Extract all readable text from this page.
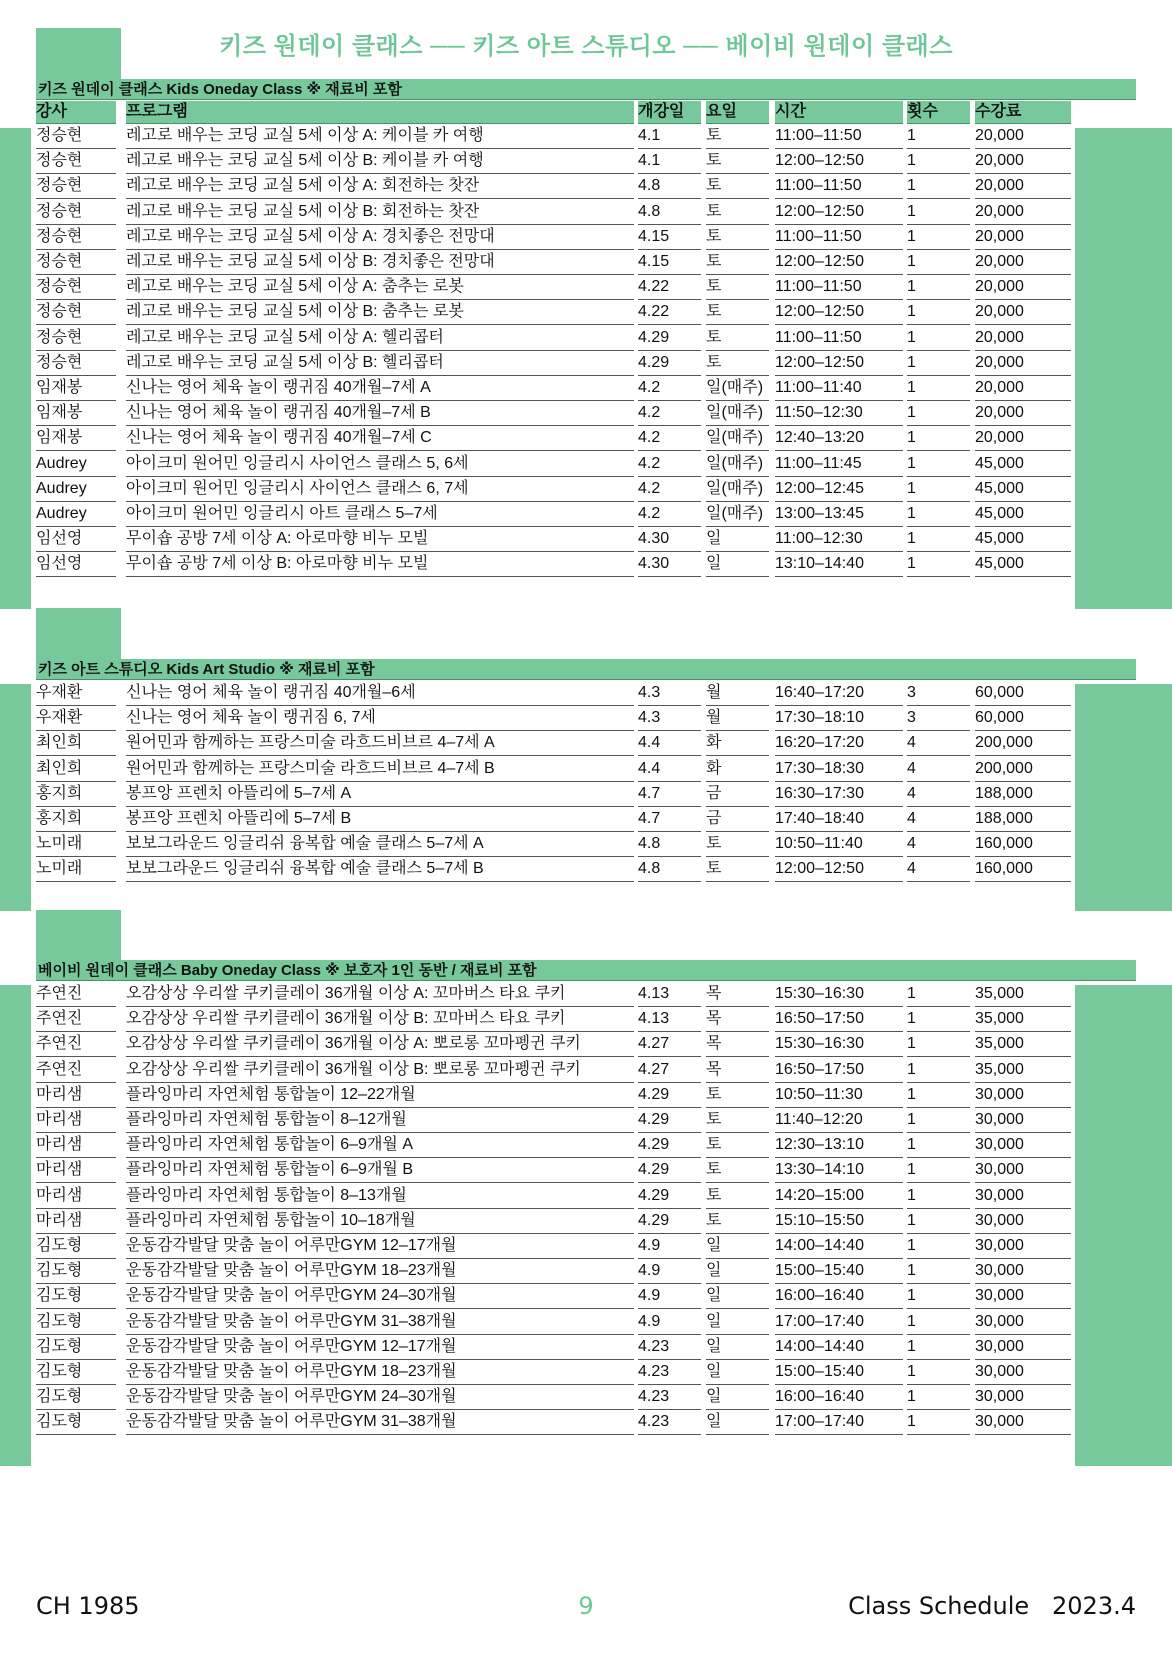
키즈 원데이 클래스 ── 키즈 아트 스튜디오 ── 베이비 원데이 클래스
키즈 원데이 클래스 Kids Oneday Class ※ 재료비 포함
강사	프로그램	개강일	요일	시간	횟수	수강료
정승현	레고로 배우는 코딩 교실 5세 이상 A: 케이블 카 여행	4.1	토	11:00–11:50	1	20,000
정승현	레고로 배우는 코딩 교실 5세 이상 B: 케이블 카 여행	4.1	토	12:00–12:50	1	20,000
정승현	레고로 배우는 코딩 교실 5세 이상 A: 회전하는 찻잔	4.8	토	11:00–11:50	1	20,000
정승현	레고로 배우는 코딩 교실 5세 이상 B: 회전하는 찻잔	4.8	토	12:00–12:50	1	20,000
정승현	레고로 배우는 코딩 교실 5세 이상 A: 경치좋은 전망대	4.15	토	11:00–11:50	1	20,000
정승현	레고로 배우는 코딩 교실 5세 이상 B: 경치좋은 전망대	4.15	토	12:00–12:50	1	20,000
정승현	레고로 배우는 코딩 교실 5세 이상 A: 춤추는 로봇	4.22	토	11:00–11:50	1	20,000
정승현	레고로 배우는 코딩 교실 5세 이상 B: 춤추는 로봇	4.22	토	12:00–12:50	1	20,000
정승현	레고로 배우는 코딩 교실 5세 이상 A: 헬리콥터	4.29	토	11:00–11:50	1	20,000
정승현	레고로 배우는 코딩 교실 5세 이상 B: 헬리콥터	4.29	토	12:00–12:50	1	20,000
임재봉	신나는 영어 체육 놀이 랭귀짐 40개월–7세 A	4.2	일(매주) 11:00–11:40	1	20,000
임재봉	신나는 영어 체육 놀이 랭귀짐 40개월–7세 B	4.2	일(매주) 11:50–12:30	1	20,000
임재봉	신나는 영어 체육 놀이 랭귀짐 40개월–7세 C	4.2	일(매주) 12:40–13:20	1	20,000
Audrey	아이크미 원어민 잉글리시 사이언스 클래스 5, 6세	4.2	일(매주) 11:00–11:45	1	45,000
Audrey	아이크미 원어민 잉글리시 사이언스 클래스 6, 7세	4.2	일(매주) 12:00–12:45	1	45,000
Audrey	아이크미 원어민 잉글리시 아트 클래스 5–7세	4.2	일(매주) 13:00–13:45	1	45,000
임선영	무이숍 공방 7세 이상 A: 아로마향 비누 모빌	4.30	일	11:00–12:30	1	45,000
임선영	무이숍 공방 7세 이상 B: 아로마향 비누 모빌	4.30	일	13:10–14:40	1	45,000
키즈 아트 스튜디오 Kids Art Studio ※ 재료비 포함
우재환	신나는 영어 체육 놀이 랭귀짐 40개월–6세	4.3	월	16:40–17:20	3	60,000
우재환	신나는 영어 체육 놀이 랭귀짐 6, 7세	4.3	월	17:30–18:10	3	60,000
최인희	원어민과 함께하는 프랑스미술 라흐드비브르 4–7세 A	4.4	화	16:20–17:20	4	200,000
최인희	원어민과 함께하는 프랑스미술 라흐드비브르 4–7세 B	4.4	화	17:30–18:30	4	200,000
홍지희	봉프앙 프렌치 아뜰리에 5–7세 A	4.7	금	16:30–17:30	4	188,000
홍지희	봉프앙 프렌치 아뜰리에 5–7세 B	4.7	금	17:40–18:40	4	188,000
노미래	보보그라운드 잉글리쉬 융복합 예술 클래스 5–7세 A	4.8	토	10:50–11:40	4	160,000
노미래	보보그라운드 잉글리쉬 융복합 예술 클래스 5–7세 B	4.8	토	12:00–12:50	4	160,000
베이비 원데이 클래스 Baby Oneday Class ※ 보호자 1인 동반 / 재료비 포함
주연진	오감상상 우리쌀 쿠키클레이 36개월 이상 A: 꼬마버스 타요 쿠키	4.13	목	15:30–16:30	1	35,000
주연진	오감상상 우리쌀 쿠키클레이 36개월 이상 B: 꼬마버스 타요 쿠키	4.13	목	16:50–17:50	1	35,000
주연진	오감상상 우리쌀 쿠키클레이 36개월 이상 A: 뽀로롱 꼬마펭귄 쿠키	4.27	목	15:30–16:30	1	35,000
주연진	오감상상 우리쌀 쿠키클레이 36개월 이상 B: 뽀로롱 꼬마펭귄 쿠키	4.27	목	16:50–17:50	1	35,000
마리샘	플라잉마리 자연체험 통합놀이 12–22개월	4.29	토	10:50–11:30	1	30,000
마리샘	플라잉마리 자연체험 통합놀이 8–12개월	4.29	토	11:40–12:20	1	30,000
마리샘	플라잉마리 자연체험 통합놀이 6–9개월 A	4.29	토	12:30–13:10	1	30,000
마리샘	플라잉마리 자연체험 통합놀이 6–9개월 B	4.29	토	13:30–14:10	1	30,000
마리샘	플라잉마리 자연체험 통합놀이 8–13개월	4.29	토	14:20–15:00	1	30,000
마리샘	플라잉마리 자연체험 통합놀이 10–18개월	4.29	토	15:10–15:50	1	30,000
김도형	운동감각발달 맞춤 놀이 어루만GYM 12–17개월	4.9	일	14:00–14:40	1	30,000
김도형	운동감각발달 맞춤 놀이 어루만GYM 18–23개월	4.9	일	15:00–15:40	1	30,000
김도형	운동감각발달 맞춤 놀이 어루만GYM 24–30개월	4.9	일	16:00–16:40	1	30,000
김도형	운동감각발달 맞춤 놀이 어루만GYM 31–38개월	4.9	일	17:00–17:40	1	30,000
김도형	운동감각발달 맞춤 놀이 어루만GYM 12–17개월	4.23	일	14:00–14:40	1	30,000
김도형	운동감각발달 맞춤 놀이 어루만GYM 18–23개월	4.23	일	15:00–15:40	1	30,000
김도형	운동감각발달 맞춤 놀이 어루만GYM 24–30개월	4.23	일	16:00–16:40	1	30,000
김도형	운동감각발달 맞춤 놀이 어루만GYM 31–38개월	4.23	일	17:00–17:40	1	30,000
CH 1985	9	Class Schedule   2023.4
